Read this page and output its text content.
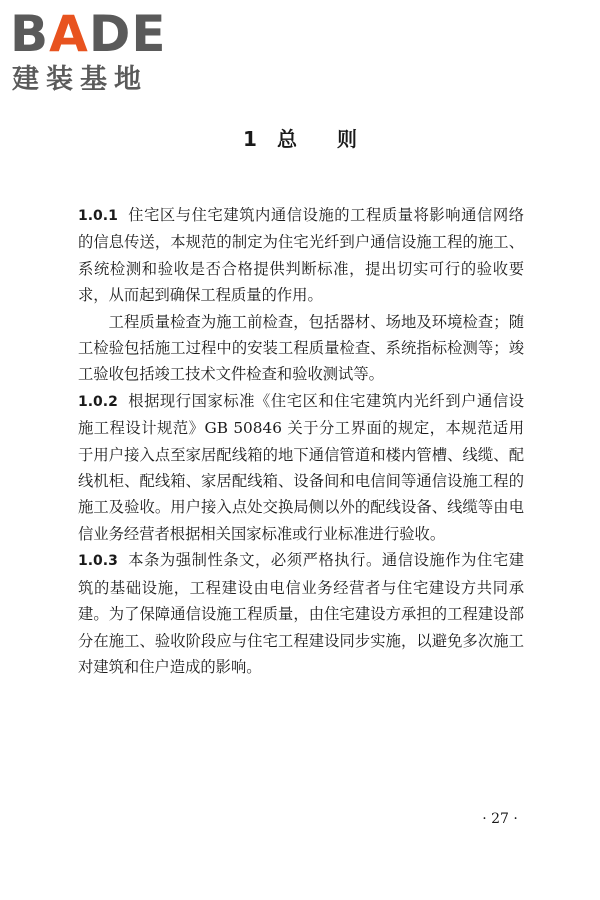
BADE
建装基地
1　总　　则

1.0.1 住宅区与住宅建筑内通信设施的工程质量将影响通信网络的信息传送，本规范的制定为住宅光纤到户通信设施工程的施工、系统检测和验收是否合格提供判断标准，提出切实可行的验收要求，从而起到确保工程质量的作用。

工程质量检查为施工前检查，包括器材、场地及环境检查；随工检验包括施工过程中的安装工程质量检查、系统指标检测等；竣工验收包括竣工技术文件检查和验收测试等。

1.0.2 根据现行国家标准《住宅区和住宅建筑内光纤到户通信设施工程设计规范》GB 50846 关于分工界面的规定，本规范适用于用户接入点至家居配线箱的地下通信管道和楼内管槽、线缆、配线机柜、配线箱、家居配线箱、设备间和电信间等通信设施工程的施工及验收。用户接入点处交换局侧以外的配线设备、线缆等由电信业务经营者根据相关国家标准或行业标准进行验收。

1.0.3 本条为强制性条文，必须严格执行。通信设施作为住宅建筑的基础设施，工程建设由电信业务经营者与住宅建设方共同承建。为了保障通信设施工程质量，由住宅建设方承担的工程建设部分在施工、验收阶段应与住宅工程建设同步实施，以避免多次施工对建筑和住户造成的影响。

· 27 ·
